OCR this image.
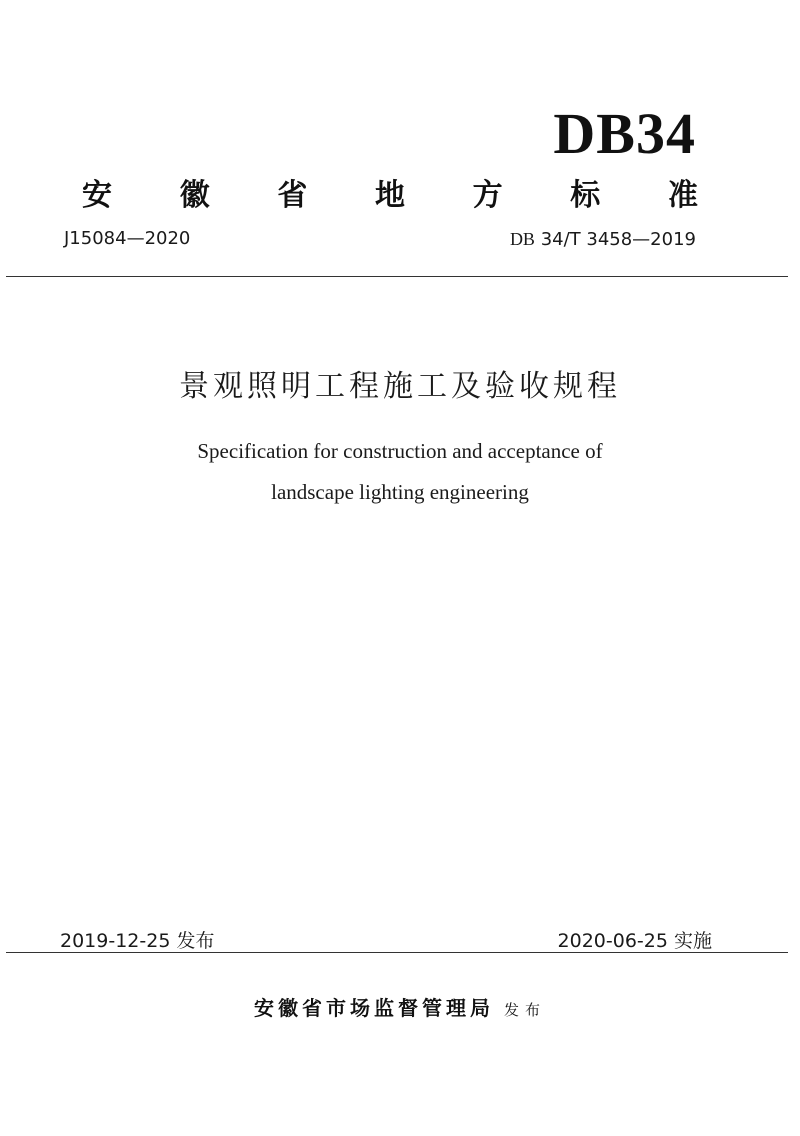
DB34
安 徽 省 地 方 标 准
J15084—2020	DB 34/T 3458—2019
景观照明工程施工及验收规程
Specification for construction and acceptance of
landscape lighting engineering
2019-12-25 发布	2020-06-25 实施
安徽省市场监督管理局 发布
